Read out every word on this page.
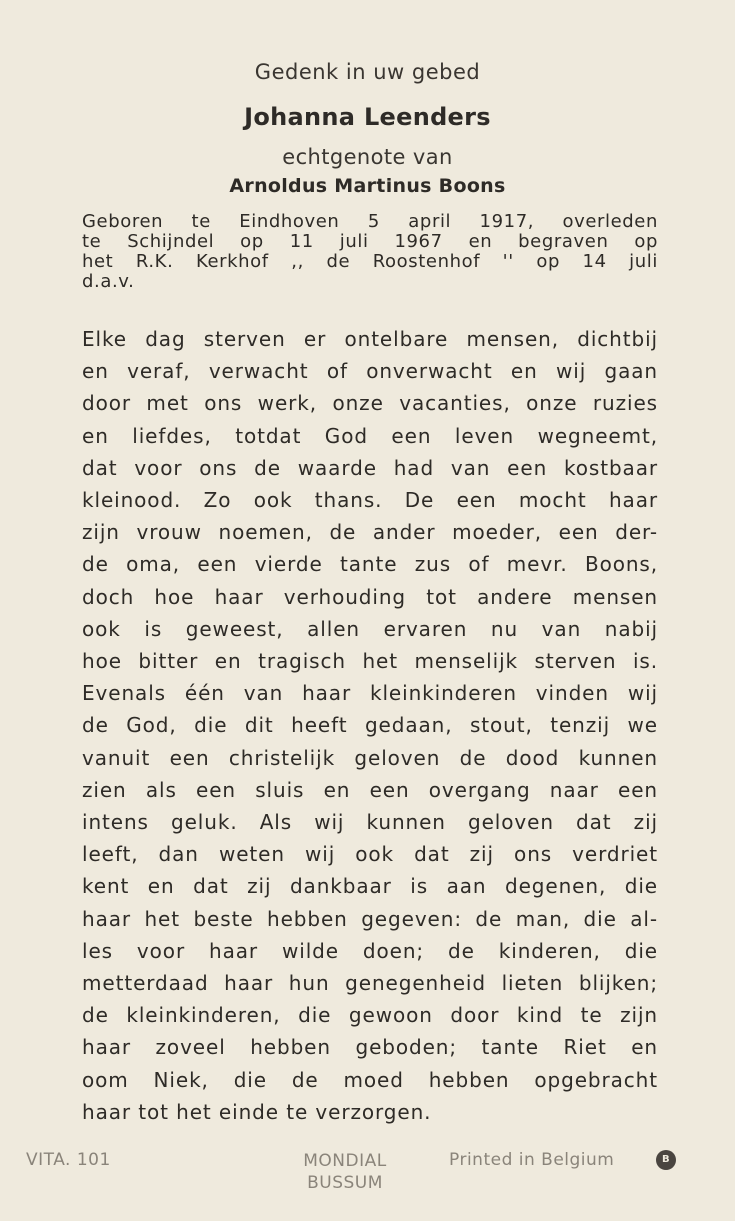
Gedenk in uw gebed
Johanna Leenders
echtgenote van
Arnoldus Martinus Boons
Geboren te Eindhoven 5 april 1917, overleden
te Schijndel op 11 juli 1967 en begraven op
het R.K. Kerkhof ,, de Roostenhof '' op 14 juli
d.a.v.
Elke dag sterven er ontelbare mensen, dichtbij
en veraf, verwacht of onverwacht en wij gaan
door met ons werk, onze vacanties, onze ruzies
en liefdes, totdat God een leven wegneemt,
dat voor ons de waarde had van een kostbaar
kleinood. Zo ook thans. De een mocht haar
zijn vrouw noemen, de ander moeder, een der-
de oma, een vierde tante zus of mevr. Boons,
doch hoe haar verhouding tot andere mensen
ook is geweest, allen ervaren nu van nabij
hoe bitter en tragisch het menselijk sterven is.
Evenals één van haar kleinkinderen vinden wij
de God, die dit heeft gedaan, stout, tenzij we
vanuit een christelijk geloven de dood kunnen
zien als een sluis en een overgang naar een
intens geluk. Als wij kunnen geloven dat zij
leeft, dan weten wij ook dat zij ons verdriet
kent en dat zij dankbaar is aan degenen, die
haar het beste hebben gegeven: de man, die al-
les voor haar wilde doen; de kinderen, die
metterdaad haar hun genegenheid lieten blijken;
de kleinkinderen, die gewoon door kind te zijn
haar zoveel hebben geboden; tante Riet en
oom Niek, die de moed hebben opgebracht
haar tot het einde te verzorgen.
VITA. 101	MONDIAL
BUSSUM
Printed in Belgium	B
